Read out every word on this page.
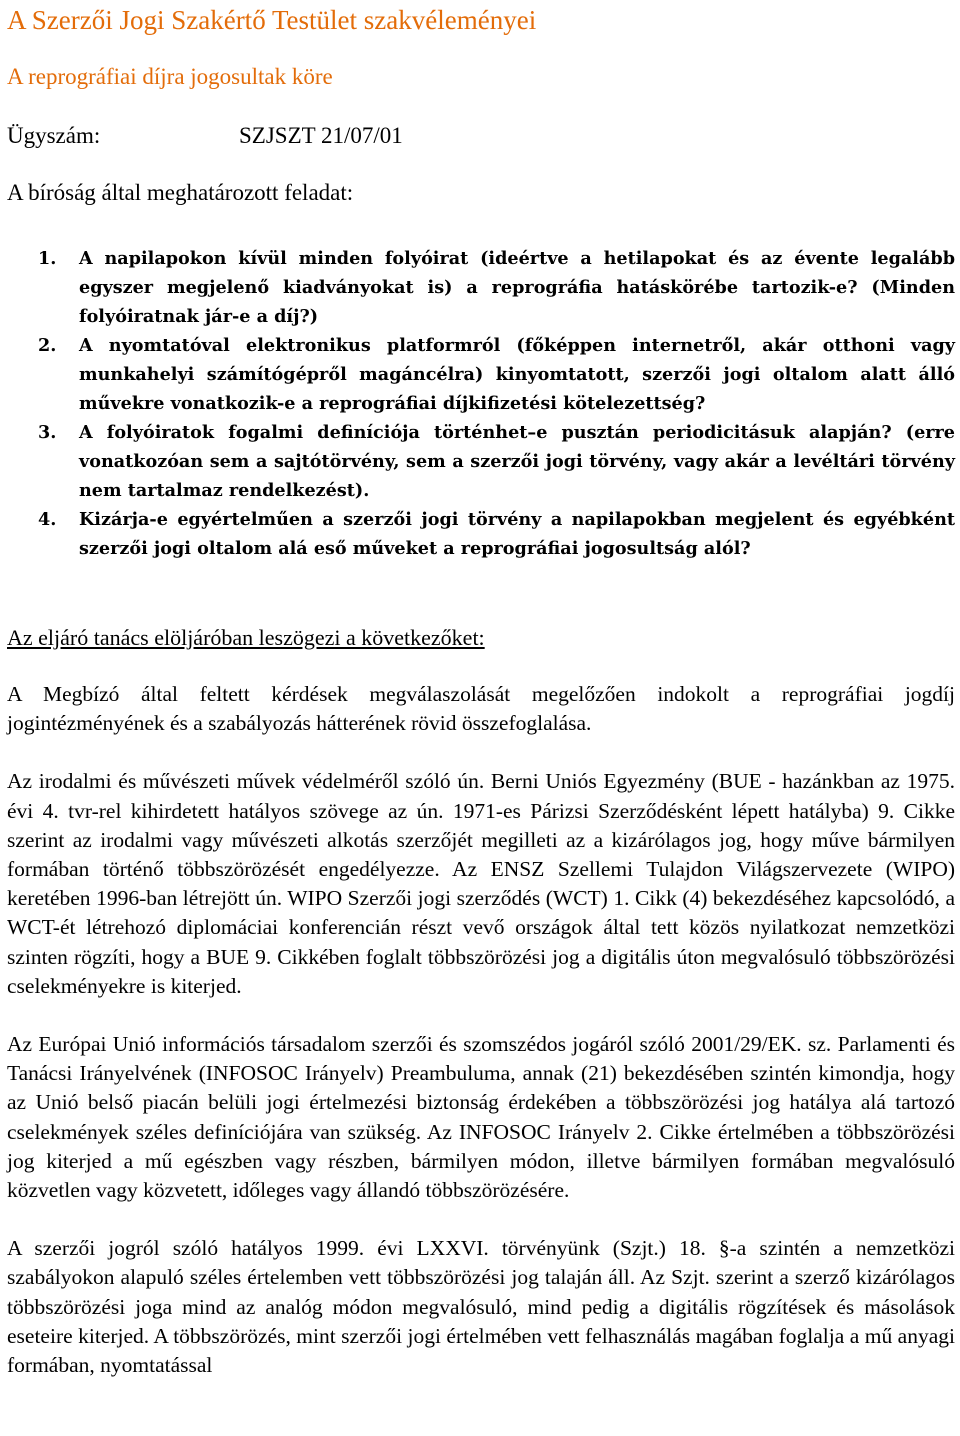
A Szerzői Jogi Szakértő Testület szakvéleményei
A reprográfiai díjra jogosultak köre
Ügyszám:	SZJSZT 21/07/01
A bíróság által meghatározott feladat:
1. A napilapokon kívül minden folyóirat (ideértve a hetilapokat és az évente legalább egyszer megjelenő kiadványokat is) a reprográfia hatáskörébe tartozik-e? (Minden folyóiratnak jár-e a díj?)
2. A nyomtatóval elektronikus platformról (főképpen internetről, akár otthoni vagy munkahelyi számítógépről magáncélra) kinyomtatott, szerzői jogi oltalom alatt álló művekre vonatkozik-e a reprográfiai díjkifizetési kötelezettség?
3. A folyóiratok fogalmi definíciója történhet–e pusztán periodicitásuk alapján? (erre vonatkozóan sem a sajtótörvény, sem a szerzői jogi törvény, vagy akár a levéltári törvény nem tartalmaz rendelkezést).
4. Kizárja-e egyértelműen a szerzői jogi törvény a napilapokban megjelent és egyébként szerzői jogi oltalom alá eső műveket a reprográfiai jogosultság alól?
Az eljáró tanács elöljáróban leszögezi a következőket:

A Megbízó által feltett kérdések megválaszolását megelőzően indokolt a reprográfiai jogdíj jogintézményének és a szabályozás hátterének rövid összefoglalása.

Az irodalmi és művészeti művek védelméről szóló ún. Berni Uniós Egyezmény (BUE - hazánkban az 1975. évi 4. tvr-rel kihirdetett hatályos szövege az ún. 1971-es Párizsi Szerződésként lépett hatályba) 9. Cikke szerint az irodalmi vagy művészeti alkotás szerzőjét megilleti az a kizárólagos jog, hogy műve bármilyen formában történő többszörözését engedélyezze. Az ENSZ Szellemi Tulajdon Világszervezete (WIPO) keretében 1996-ban létrejött ún. WIPO Szerzői jogi szerződés (WCT) 1. Cikk (4) bekezdéséhez kapcsolódó, a WCT-ét létrehozó diplomáciai konferencián részt vevő országok által tett közös nyilatkozat nemzetközi szinten rögzíti, hogy a BUE 9. Cikkében foglalt többszörözési jog a digitális úton megvalósuló többszörözési cselekményekre is kiterjed.

Az Európai Unió információs társadalom szerzői és szomszédos jogáról szóló 2001/29/EK. sz. Parlamenti és Tanácsi Irányelvének (INFOSOC Irányelv) Preambuluma, annak (21) bekezdésében szintén kimondja, hogy az Unió belső piacán belüli jogi értelmezési biztonság érdekében a többszörözési jog hatálya alá tartozó cselekmények széles definíciójára van szükség. Az INFOSOC Irányelv 2. Cikke értelmében a többszörözési jog kiterjed a mű egészben vagy részben, bármilyen módon, illetve bármilyen formában megvalósuló közvetlen vagy közvetett, időleges vagy állandó többszörözésére.

A szerzői jogról szóló hatályos 1999. évi LXXVI. törvényünk (Szjt.) 18. §-a szintén a nemzetközi szabályokon alapuló széles értelemben vett többszörözési jog talaján áll. Az Szjt. szerint a szerző kizárólagos többszörözési joga mind az analóg módon megvalósuló, mind pedig a digitális rögzítések és másolások eseteire kiterjed. A többszörözés, mint szerzői jogi értelmében vett felhasználás magában foglalja a mű anyagi formában, nyomtatással
